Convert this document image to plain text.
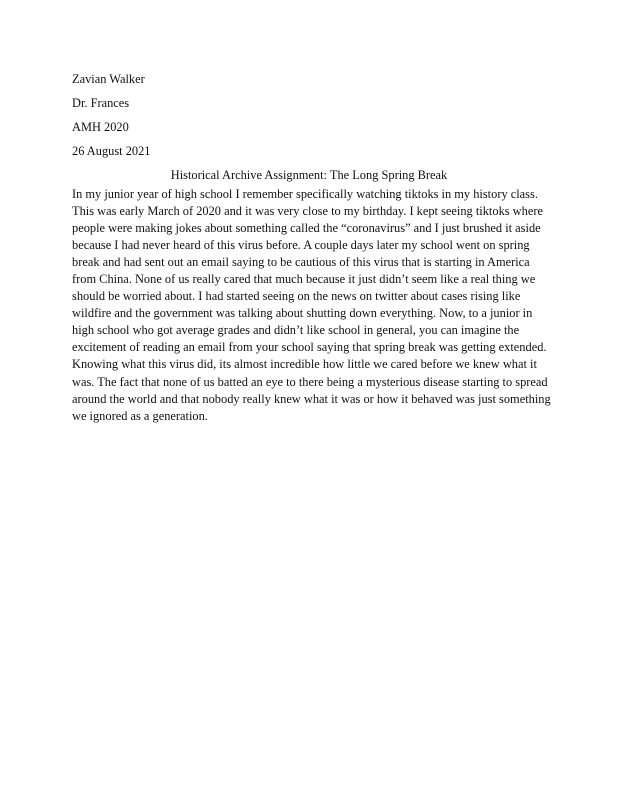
Zavian Walker
Dr. Frances
AMH 2020
26 August 2021
Historical Archive Assignment: The Long Spring Break
In my junior year of high school I remember specifically watching tiktoks in my history class.
This was early March of 2020 and it was very close to my birthday. I kept seeing tiktoks where
people were making jokes about something called the “coronavirus” and I just brushed it aside
because I had never heard of this virus before. A couple days later my school went on spring
break and had sent out an email saying to be cautious of this virus that is starting in America
from China. None of us really cared that much because it just didn’t seem like a real thing we
should be worried about. I had started seeing on the news on twitter about cases rising like
wildfire and the government was talking about shutting down everything. Now, to a junior in
high school who got average grades and didn’t like school in general, you can imagine the
excitement of reading an email from your school saying that spring break was getting extended.
Knowing what this virus did, its almost incredible how little we cared before we knew what it
was. The fact that none of us batted an eye to there being a mysterious disease starting to spread
around the world and that nobody really knew what it was or how it behaved was just something
we ignored as a generation.
